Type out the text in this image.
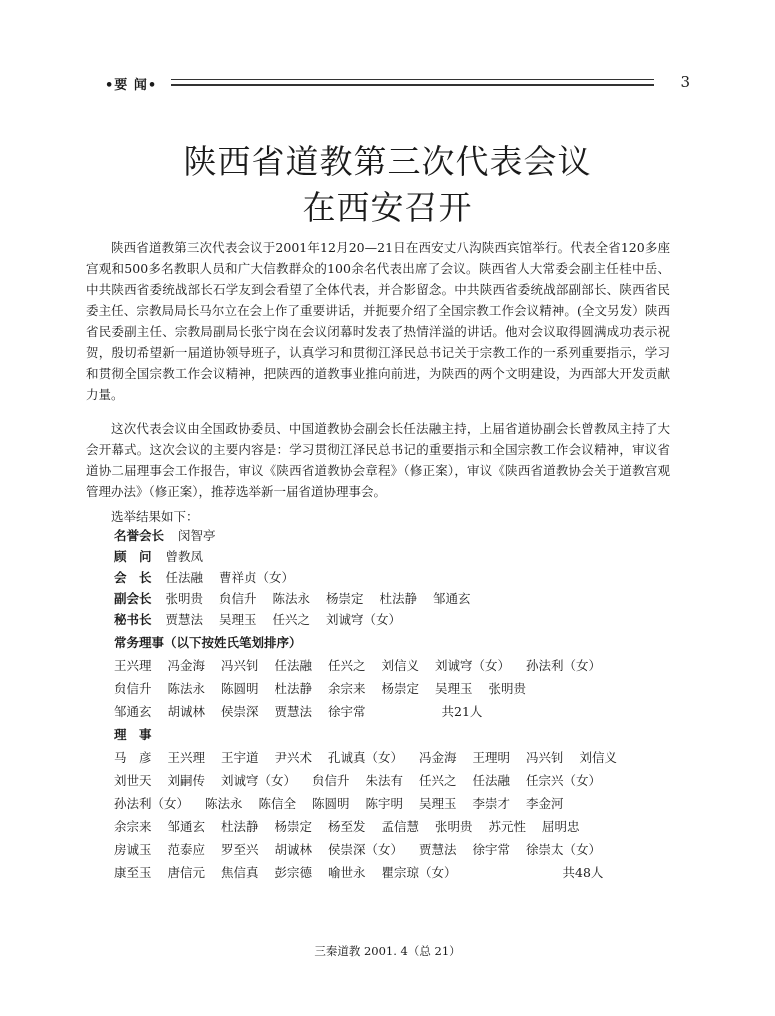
•要 闻•	3
陕西省道教第三次代表会议
在西安召开

陕西省道教第三次代表会议于2001年12月20—21日在西安丈八沟陕西宾馆举行。代表全省120多座宫观和500多名教职人员和广大信教群众的100余名代表出席了会议。陕西省人大常委会副主任桂中岳、中共陕西省委统战部长石学友到会看望了全体代表，并合影留念。中共陕西省委统战部副部长、陕西省民委主任、宗教局局长马尔立在会上作了重要讲话，并扼要介绍了全国宗教工作会议精神。(全文另发）陕西省民委副主任、宗教局副局长张宁岗在会议闭幕时发表了热情洋溢的讲话。他对会议取得圆满成功表示祝贺，殷切希望新一届道协领导班子，认真学习和贯彻江泽民总书记关于宗教工作的一系列重要指示，学习和贯彻全国宗教工作会议精神，把陕西的道教事业推向前进，为陕西的两个文明建设，为西部大开发贡献力量。

这次代表会议由全国政协委员、中国道教协会副会长任法融主持，上届省道协副会长曾教凤主持了大会开幕式。这次会议的主要内容是：学习贯彻江泽民总书记的重要指示和全国宗教工作会议精神，审议省道协二届理事会工作报告，审议《陕西省道教协会章程》（修正案），审议《陕西省道教协会关于道教宫观管理办法》（修正案），推荐选举新一届省道协理事会。

选举结果如下：

名誉会长 闵智亭
顾　问 曾教凤
会　长 任法融 曹祥贞（女）
副会长 张明贵 贠信升 陈法永 杨崇定 杜法静 邹通玄
秘书长 贾慧法 吴理玉 任兴之 刘诚穹（女）
常务理事（以下按姓氏笔划排序）
王兴理 冯金海 冯兴钊 任法融 任兴之 刘信义 刘诚穹（女） 孙法利（女）
贠信升 陈法永 陈圆明 杜法静 余宗来 杨崇定 吴理玉 张明贵
邹通玄 胡诚林 侯崇深 贾慧法 徐宇常	共21人
理　事
马　彦 王兴理 王宇道 尹兴术 孔诚真（女） 冯金海 王理明 冯兴钊 刘信义
刘世天 刘嗣传 刘诚穹（女） 贠信升 朱法有 任兴之 任法融 任宗兴（女）
孙法利（女） 陈法永 陈信全 陈圆明 陈宇明 吴理玉 李崇才 李金河
余宗来 邹通玄 杜法静 杨崇定 杨至发 孟信慧 张明贵 苏元性 屈明忠
房诚玉 范泰应 罗至兴 胡诚林 侯崇深（女） 贾慧法 徐宇常 徐崇太（女）
康至玉 唐信元 焦信真 彭宗德 喻世永 瞿宗琼（女）	共48人
三秦道教 2001. 4（总 21）
